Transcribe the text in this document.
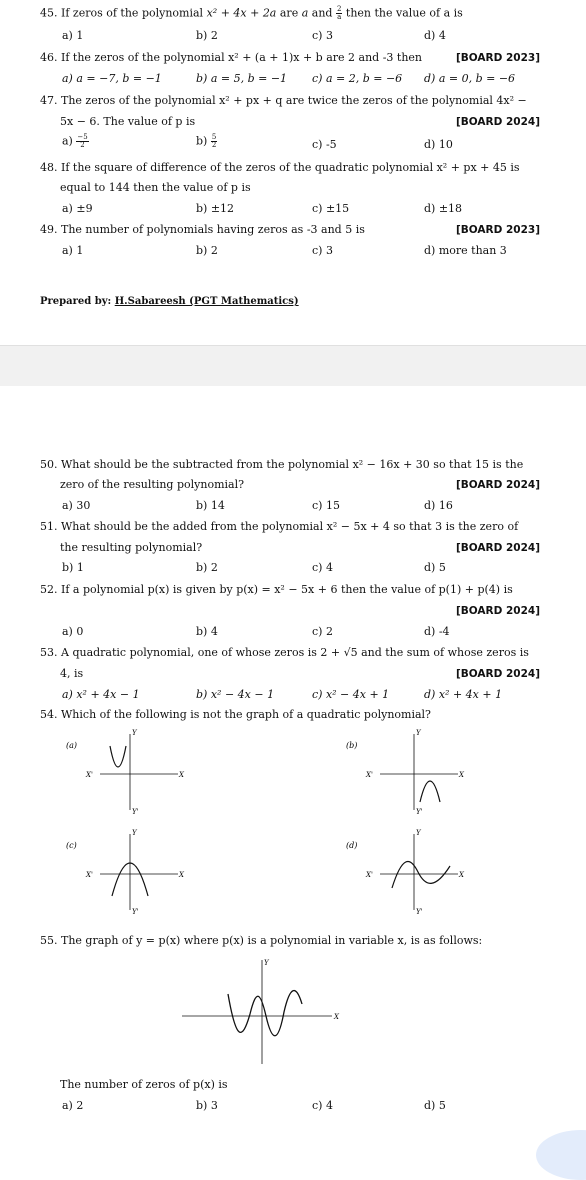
45. If zeros of the polynomial x² + 4x + 2a are a and $\frac{2}{a}$ then the value of a is
a) 1	b) 2	c) 3	d) 4
46. If the zeros of the polynomial x² + (a + 1)x + b are 2 and -3 then	[BOARD 2023]
a) a = −7, b = −1	b) a = 5, b = −1 c) a = 2, b = −6 d) a = 0, b = −6
47. The zeros of the polynomial x² + px + q are twice the zeros of the polynomial 4x² −
5x − 6. The value of p is	[BOARD 2024]
$a) \frac{-5}{2}$	$b) \frac{5}{2}$	c) -5	d) 10
48. If the square of difference of the zeros of the quadratic polynomial x² + px + 45 is
equal to 144 then the value of p is
a) ±9	b) ±12	c) ±15	d) ±18
49. The number of polynomials having zeros as -3 and 5 is	[BOARD 2023]
a) 1	b) 2	c) 3	d) more than 3
Prepared by: H.Sabareesh (PGT Mathematics)
50. What should be the subtracted from the polynomial x² − 16x + 30 so that 15 is the
zero of the resulting polynomial?	[BOARD 2024]
a) 30	b) 14	c) 15	d) 16
51. What should be the added from the polynomial x² − 5x + 4 so that 3 is the zero of
the resulting polynomial?	[BOARD 2024]
b) 1	b) 2	c) 4	d) 5
52. If a polynomial p(x) is given by p(x) = x² − 5x + 6 then the value of p(1) + p(4) is
[BOARD 2024]
a) 0	b) 4	c) 2	d) -4
53. A quadratic polynomial, one of whose zeros is 2 + √5 and the sum of whose zeros is
4, is	[BOARD 2024]
a) x² + 4x − 1	b) x² − 4x − 1	c) x² − 4x + 1	d) x² + 4x + 1
54. Which of the following is not the graph of a quadratic polynomial?
(a)
X'	X
Y
Y'
(b)
X'	X
Y
Y'
(c)
X'	X
Y
Y'
(d)
X'	X
Y
Y'
55. The graph of y = p(x) where p(x) is a polynomial in variable x, is as follows:
X
Y
The number of zeros of p(x) is
a) 2	b) 3	c) 4	d) 5
